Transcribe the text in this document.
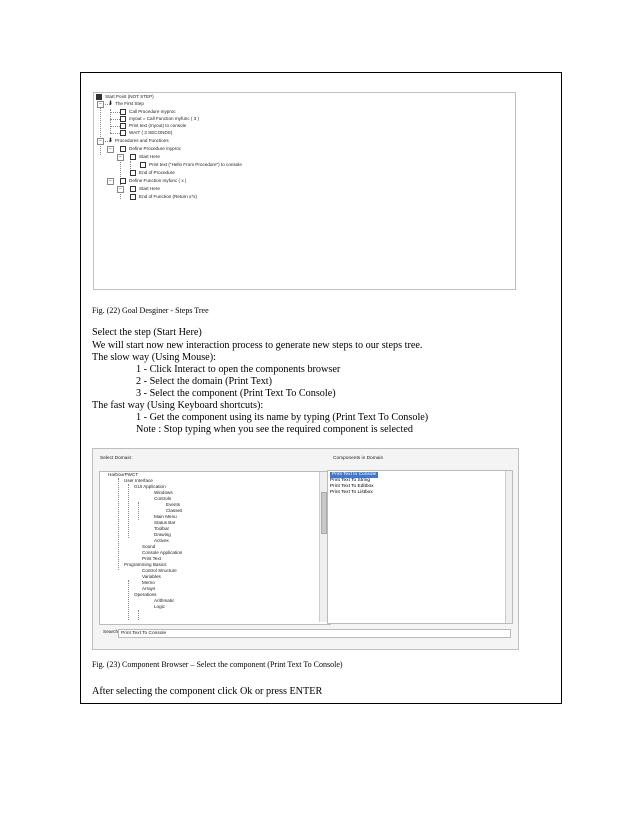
Start Point (NOT STEP)
−	⬇ The First Step
Call Procedure myproc
myout = Call Function myfunc ( 3 )
Print text (myout) to console
WAIT ( 3 SECONDS)
−	⬇ Procedures and Functions
−	Define Procedure myproc
−	Start Here
Print text ("Hello From Procedure") to console
End of Procedure
−	Define Function myfunc ( x )
−	Start Here
End of Function (Return x*x)
Fig. (22) Goal Desginer - Steps Tree
Select the step (Start Here)
We will start now new interaction process to generate new steps to our steps tree.
The slow way (Using Mouse):
1 - Click Interact to open the components browser
2 - Select the domain (Print Text)
3 - Select the component (Print Text To Console)
The fast way (Using Keyboard shortcuts):
1 - Get the component using its name by typing (Print Text To Console)
Note : Stop typing when you see the required component is selected
Select Domain:	Components in Domain
HarbourPWCT
User Interface
GUI Application
Windows
Controls
Events
Classes
Main Menu
Status Bar
Toolbar
Drawing
Activex
Sound
Console Application
Print Text
Programming Basics
Control Structure
Variables
Memo
Arrays
Operations
Arithmatic
Logic
Print Text to Console
Print Text To String
Print Text To Editbox
Print Text To Listbox
Search Print Text To Console
Fig. (23) Component Browser – Select the component (Print Text To Console)
After selecting the component click Ok or press ENTER
